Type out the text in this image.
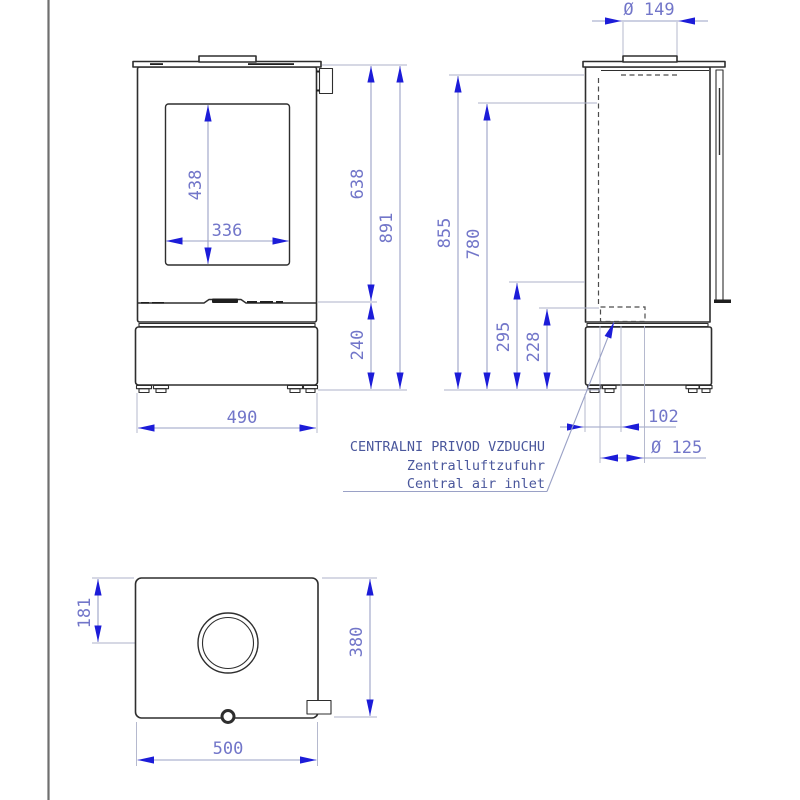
438
336
638
240
891
490
Ø 149
855 780
295 228
102
Ø 125
CENTRALNI PRIVOD VZDUCHU
Zentralluftzufuhr
Central air inlet
181
380
500
